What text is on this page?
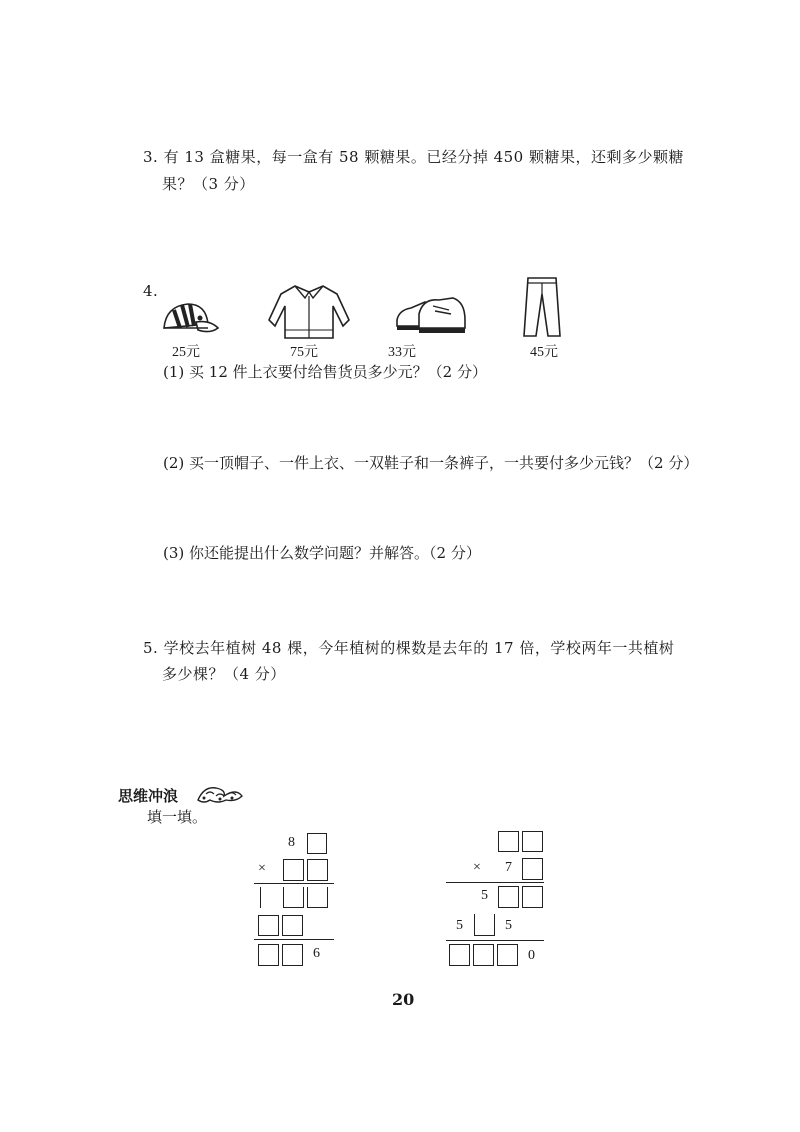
3. 有 13 盒糖果，每一盒有 58 颗糖果。已经分掉 450 颗糖果，还剩多少颗糖
果？（3 分）
4.
25元	75元	33元	45元
(1) 买 12 件上衣要付给售货员多少元？（2 分）
(2) 买一顶帽子、一件上衣、一双鞋子和一条裤子，一共要付多少元钱？（2 分）
(3) 你还能提出什么数学问题？并解答。（2 分）
5. 学校去年植树 48 棵，今年植树的棵数是去年的 17 倍，学校两年一共植树
多少棵？（4 分）
思维冲浪
填一填。
8
×
6
× 7
5
5	5
0
20
